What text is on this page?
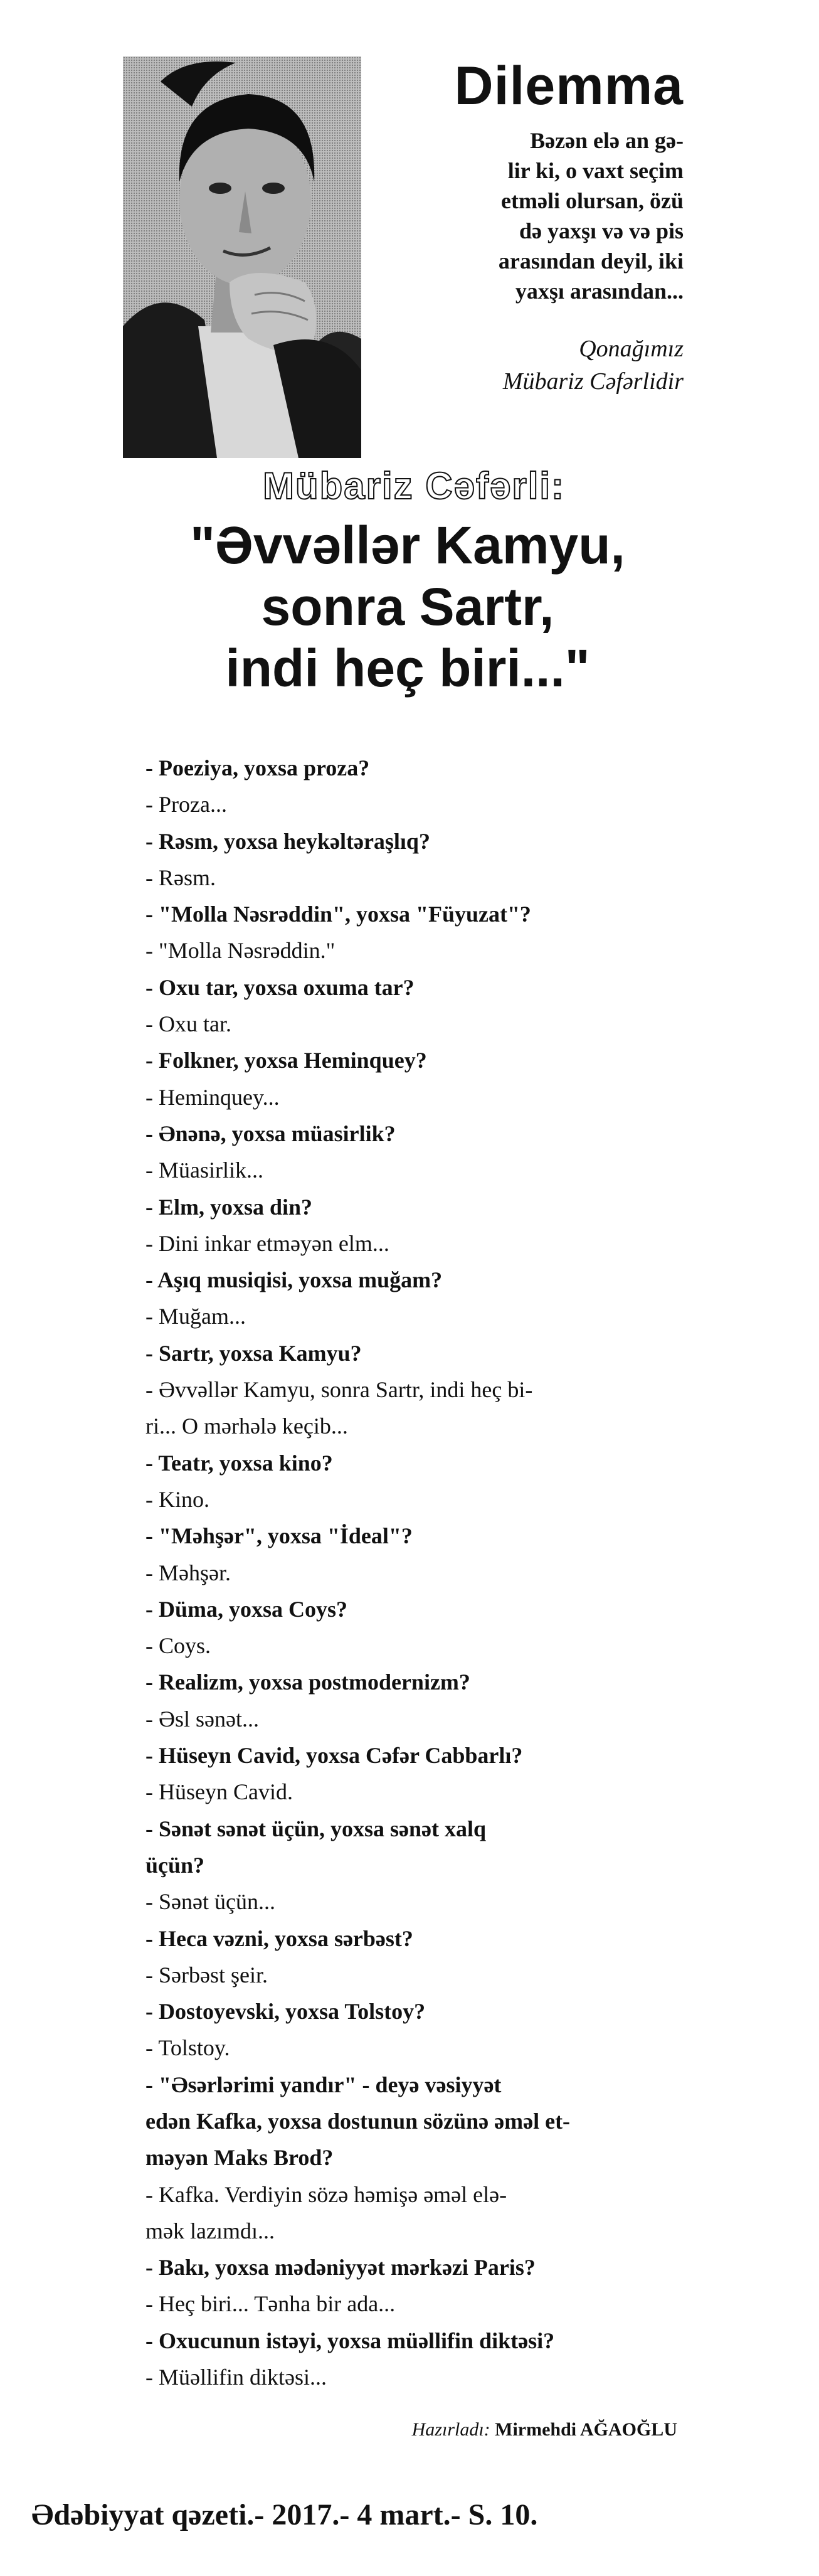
Dilemma
Bəzən elə an gə-
lir ki, o vaxt seçim
etməli olursan, özü
də yaxşı və və pis
arasından deyil, iki
yaxşı arasından...
Qonağımız
Mübariz Cəfərlidir
Mübariz Cəfərli:
"Əvvəllər Kamyu,
sonra Sartr,
indi heç biri..."
- Poeziya, yoxsa proza?
- Proza...
- Rəsm, yoxsa heykəltəraşlıq?
- Rəsm.
- "Molla Nəsrəddin", yoxsa "Füyuzat"?
- "Molla Nəsrəddin."
- Oxu tar, yoxsa oxuma tar?
- Oxu tar.
- Folkner, yoxsa Heminquey?
- Heminquey...
- Ənənə, yoxsa müasirlik?
- Müasirlik...
- Elm, yoxsa din?
- Dini inkar etməyən elm...
- Aşıq musiqisi, yoxsa muğam?
- Muğam...
- Sartr, yoxsa Kamyu?
- Əvvəllər Kamyu, sonra Sartr, indi heç bi-
ri... O mərhələ keçib...
- Teatr, yoxsa kino?
- Kino.
- "Məhşər", yoxsa "İdeal"?
- Məhşər.
- Düma, yoxsa Coys?
- Coys.
- Realizm, yoxsa postmodernizm?
- Əsl sənət...
- Hüseyn Cavid, yoxsa Cəfər Cabbarlı?
- Hüseyn Cavid.
- Sənət sənət üçün, yoxsa sənət xalq
üçün?
- Sənət üçün...
- Heca vəzni, yoxsa sərbəst?
- Sərbəst şeir.
- Dostoyevski, yoxsa Tolstoy?
- Tolstoy.
- "Əsərlərimi yandır" - deyə vəsiyyət
edən Kafka, yoxsa dostunun sözünə əməl et-
məyən Maks Brod?
- Kafka. Verdiyin sözə həmişə əməl elə-
mək lazımdı...
- Bakı, yoxsa mədəniyyət mərkəzi Paris?
- Heç biri... Tənha bir ada...
- Oxucunun istəyi, yoxsa müəllifin diktəsi?
- Müəllifin diktəsi...
Hazırladı: Mirmehdi AĞAOĞLU
Ədəbiyyat qəzeti.- 2017.- 4 mart.- S. 10.
